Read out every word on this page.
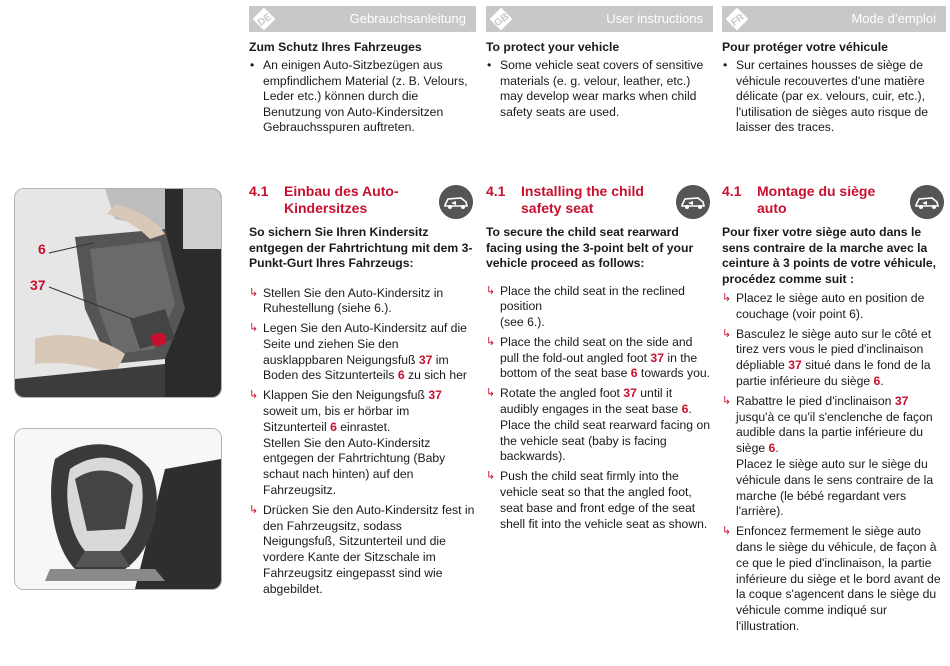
6
37
DE	Gebrauchsanleitung
Zum Schutz Ihres Fahrzeuges
• An einigen Auto-Sitzbezügen aus empfindlichem Material (z. B. Velours, Leder etc.) können durch die Benutzung von Auto-Kindersitzen Gebrauchsspuren auftreten.
GB	User instructions
To protect your vehicle
• Some vehicle seat covers of sensitive materials (e. g. velour, leather, etc.) may develop wear marks when child safety seats are used.
FR	Mode d’emploi
Pour protéger votre véhicule
• Sur certaines housses de siège de véhicule recouvertes d'une matière délicate (par ex. velours, cuir, etc.), l'utilisation de sièges auto risque de laisser des traces.
4.1 Einbau des Auto-Kindersitzes
So sichern Sie Ihren Kindersitz entgegen der Fahrtrichtung mit dem 3-Punkt-Gurt Ihres Fahrzeugs:
↳ Stellen Sie den Auto-Kindersitz in Ruhestellung (siehe 6.).
↳ Legen Sie den Auto-Kindersitz auf die Seite und ziehen Sie den ausklappbaren Neigungsfuß 37 im Boden des Sitzunterteils 6 zu sich her
↳ Klappen Sie den Neigungsfuß 37 soweit um, bis er hörbar im Sitzunterteil 6 einrastet.
Stellen Sie den Auto-Kindersitz entgegen der Fahrtrichtung (Baby schaut nach hinten) auf den Fahrzeugsitz.
↳ Drücken Sie den Auto-Kindersitz fest in den Fahrzeugsitz, sodass Neigungsfuß, Sitzunterteil und die vordere Kante der Sitzschale im Fahrzeugsitz eingepasst sind wie abgebildet.
4.1 Installing the child safety seat
To secure the child seat rearward facing using the 3-point belt of your vehicle proceed as follows:
↳ Place the child seat in the reclined position
(see 6.).
↳ Place the child seat on the side and pull the fold-out angled foot 37 in the bottom of the seat base 6 towards you.
↳ Rotate the angled foot 37 until it audibly engages in the seat base 6.
Place the child seat rearward facing on the vehicle seat (baby is facing backwards).
↳ Push the child seat firmly into the vehicle seat so that the angled foot, seat base and front edge of the seat shell fit into the vehicle seat as shown.
4.1 Montage du siège auto
Pour fixer votre siège auto dans le sens contraire de la marche avec la ceinture à 3 points de votre véhicule, procédez comme suit :
↳ Placez le siège auto en position de couchage (voir point 6).
↳ Basculez le siège auto sur le côté et tirez vers vous le pied d'inclinaison dépliable 37 situé dans le fond de la partie inférieure du siège 6.
↳ Rabattre le pied d'inclinaison 37 jusqu'à ce qu'il s'enclenche de façon audible dans la partie inférieure du siège 6.
Placez le siège auto sur le siège du véhicule dans le sens contraire de la marche (le bébé regardant vers l'arrière).
↳ Enfoncez fermement le siège auto dans le siège du véhicule, de façon à ce que le pied d'inclinaison, la partie inférieure du siège et le bord avant de la coque s'agencent dans le siège du véhicule comme indiqué sur l'illustration.
